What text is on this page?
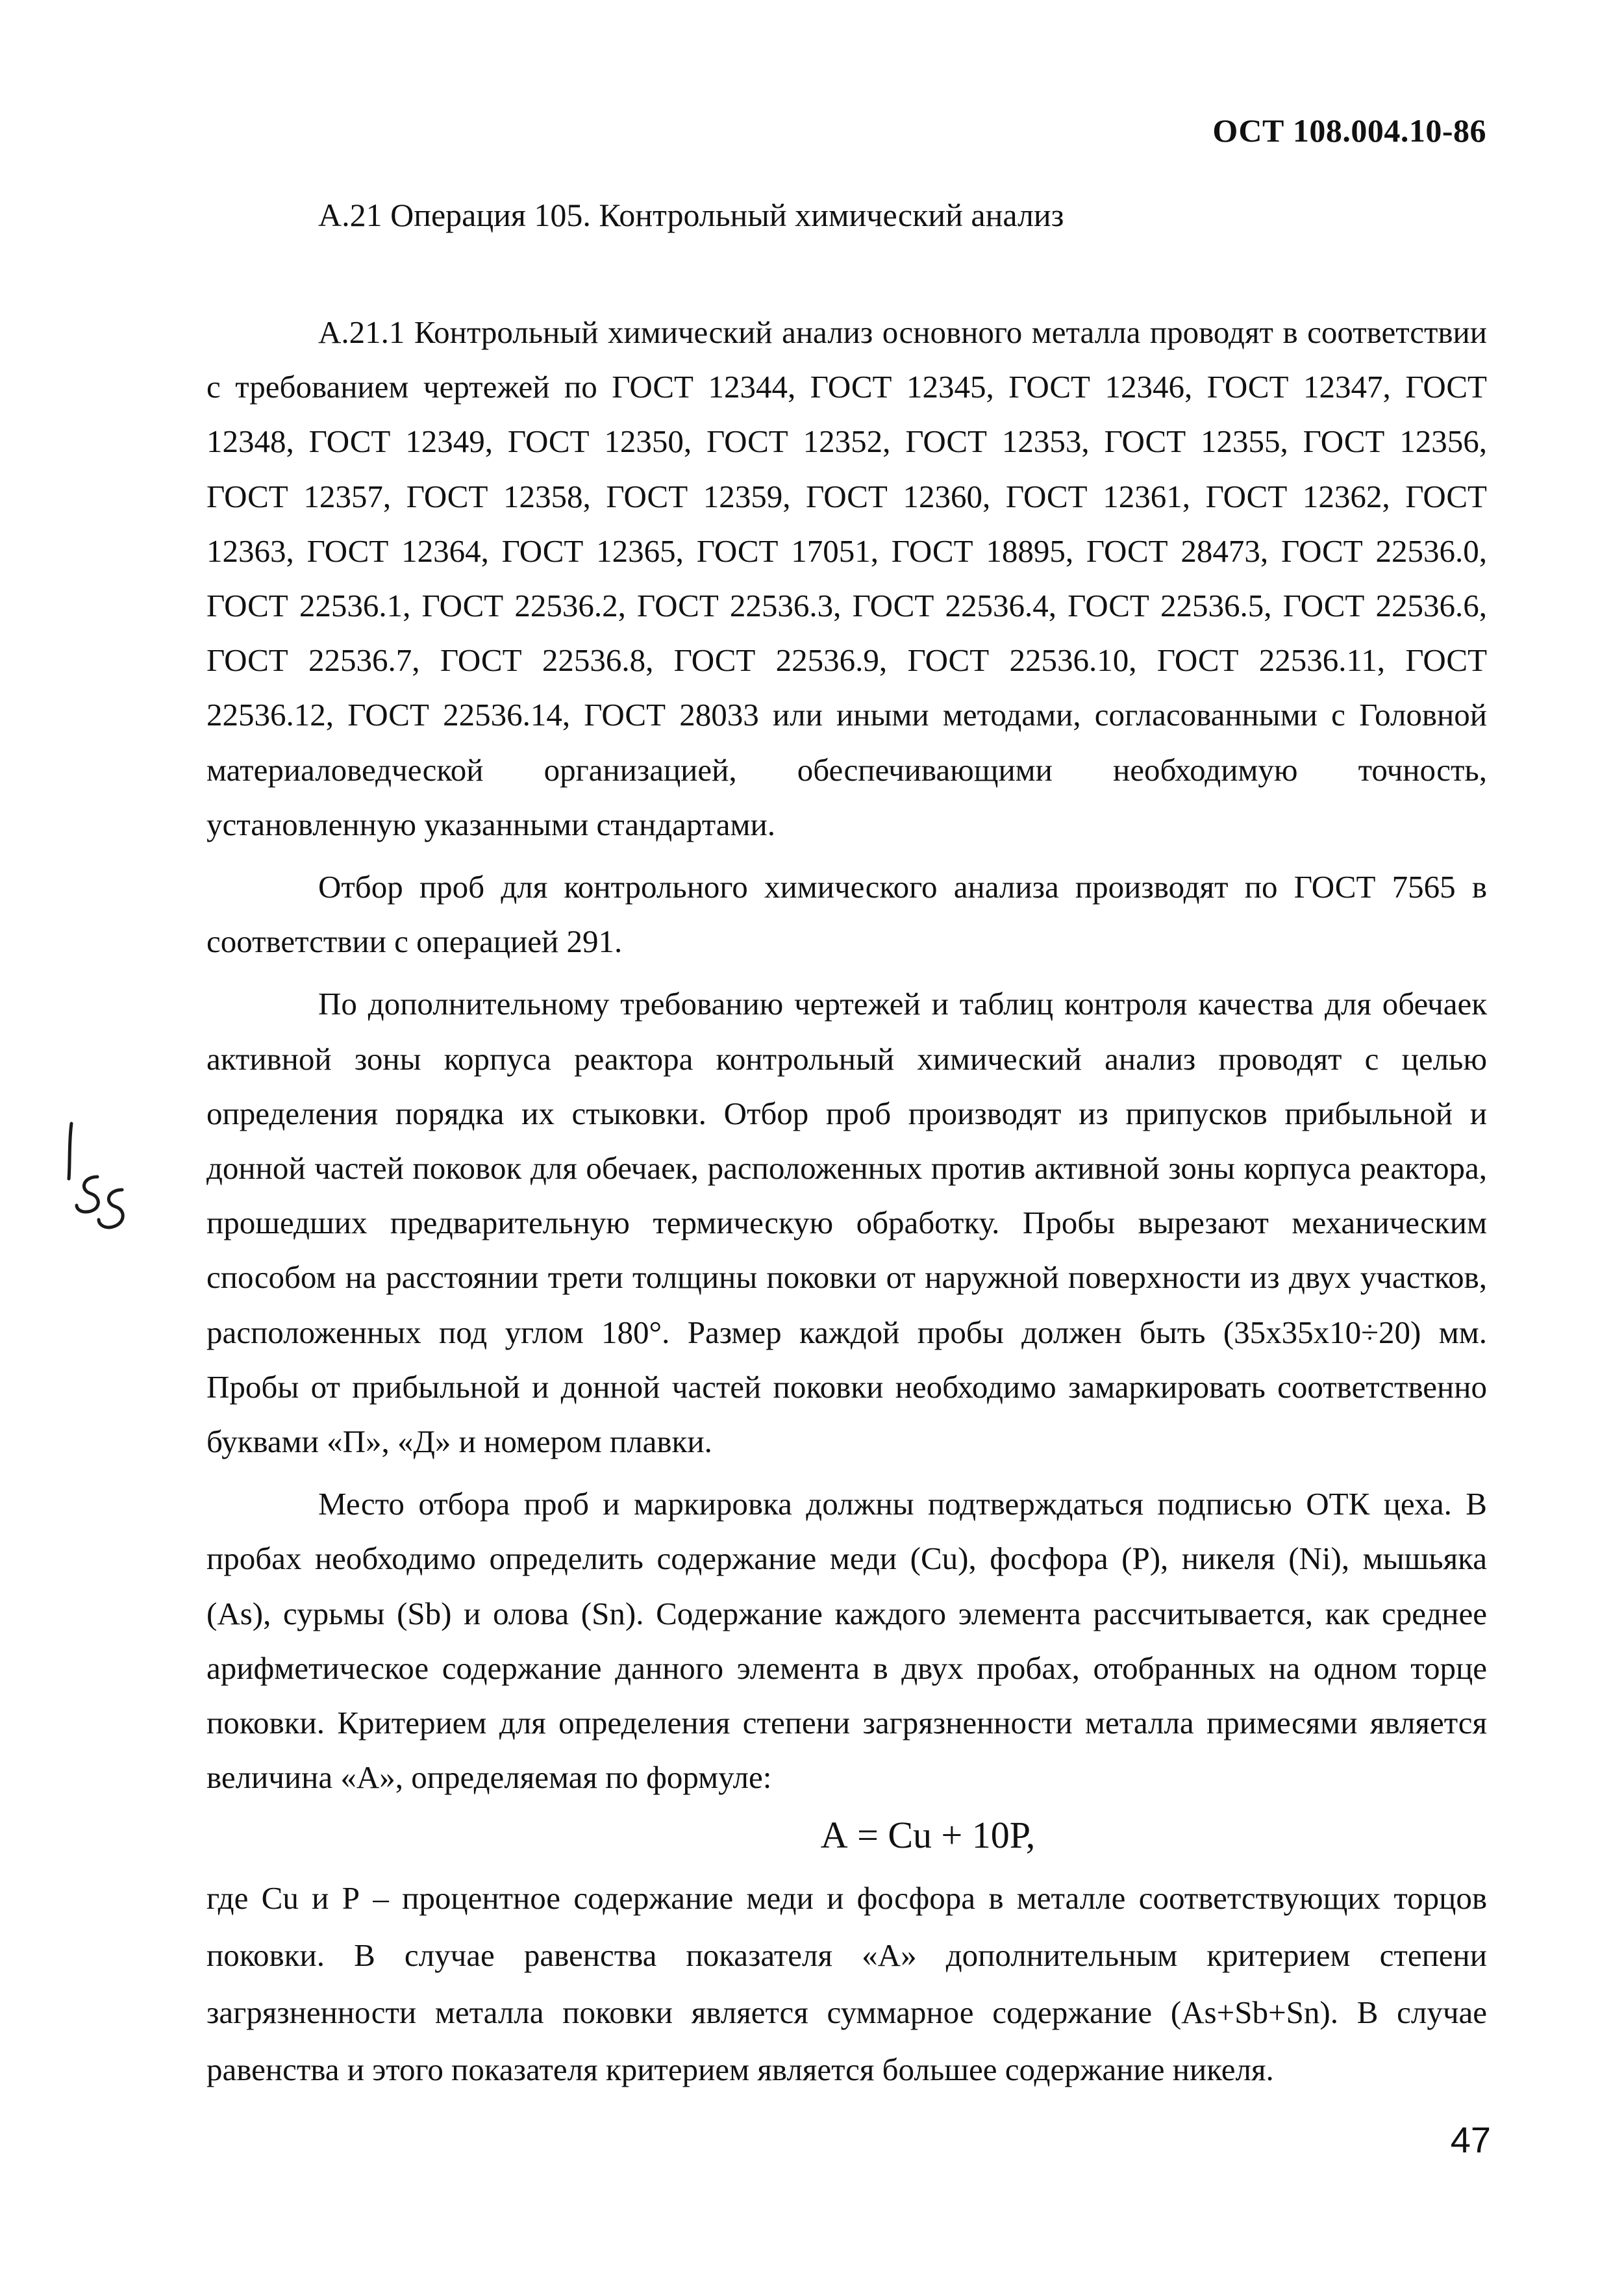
ОСТ 108.004.10-86
А.21 Операция 105. Контрольный химический анализ

А.21.1 Контрольный химический анализ основного металла проводят в соответствии с требованием чертежей по ГОСТ 12344, ГОСТ 12345, ГОСТ 12346, ГОСТ 12347, ГОСТ 12348, ГОСТ 12349, ГОСТ 12350, ГОСТ 12352, ГОСТ 12353, ГОСТ 12355, ГОСТ 12356, ГОСТ 12357, ГОСТ 12358, ГОСТ 12359, ГОСТ 12360, ГОСТ 12361, ГОСТ 12362, ГОСТ 12363, ГОСТ 12364, ГОСТ 12365, ГОСТ 17051, ГОСТ 18895, ГОСТ 28473, ГОСТ 22536.0, ГОСТ 22536.1, ГОСТ 22536.2, ГОСТ 22536.3, ГОСТ 22536.4, ГОСТ 22536.5, ГОСТ 22536.6, ГОСТ 22536.7, ГОСТ 22536.8, ГОСТ 22536.9, ГОСТ 22536.10, ГОСТ 22536.11, ГОСТ 22536.12, ГОСТ 22536.14, ГОСТ 28033 или иными методами, согласованными с Головной материаловедческой организацией, обеспечивающими необходимую точность, установленную указанными стандартами.

Отбор проб для контрольного химического анализа производят по ГОСТ 7565 в соответствии с операцией 291.

По дополнительному требованию чертежей и таблиц контроля качества для обечаек активной зоны корпуса реактора контрольный химический анализ проводят с целью определения порядка их стыковки. Отбор проб производят из припусков прибыльной и донной частей поковок для обечаек, расположенных против активной зоны корпуса реактора, прошедших предварительную термическую обработку. Пробы вырезают механическим способом на расстоянии трети толщины поковки от наружной поверхности из двух участков, расположенных под углом 180°. Размер каждой пробы должен быть (35х35х10÷20) мм. Пробы от прибыльной и донной частей поковки необходимо замаркировать соответственно буквами «П», «Д» и номером плавки.

Место отбора проб и маркировка должны подтверждаться подписью ОТК цеха. В пробах необходимо определить содержание меди (Cu), фосфора (Р), никеля (Ni), мышьяка (As), сурьмы (Sb) и олова (Sn). Содержание каждого элемента рассчитывается, как среднее арифметическое содержание данного элемента в двух пробах, отобранных на одном торце поковки. Критерием для определения степени загрязненности металла примесями является величина «А», определяемая по формуле:

А = Cu + 10Р,

где Cu и Р – процентное содержание меди и фосфора в металле соответствующих торцов поковки. В случае равенства показателя «А» дополнительным критерием степени загрязненности металла поковки является суммарное содержание (As+Sb+Sn). В случае равенства и этого показателя критерием является большее содержание никеля.

47
